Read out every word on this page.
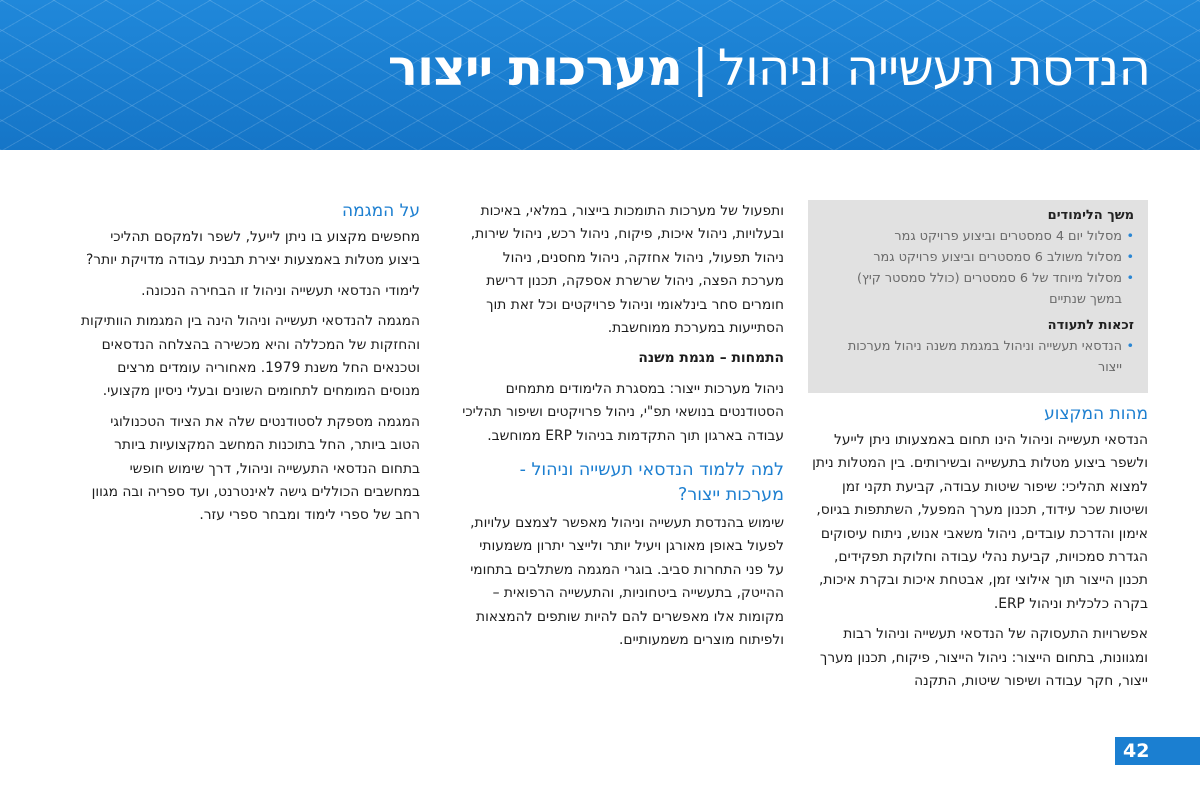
הנדסת תעשייה וניהול|מערכות ייצור
משך הלימודים
• מסלול יום 4 סמסטרים וביצוע פרויקט גמר
• מסלול משולב 6 סמסטרים וביצוע פרויקט גמר
• מסלול מיוחד של 6 סמסטרים (כולל סמסטר קיץ) במשך שנתיים
זכאות לתעודה
• הנדסאי תעשייה וניהול במגמת משנה ניהול מערכות ייצור
מהות המקצוע

הנדסאי תעשייה וניהול הינו תחום באמצעותו ניתן לייעל ולשפר ביצוע מטלות בתעשייה ובשירותים. בין המטלות ניתן למצוא תהליכי: שיפור שיטות עבודה, קביעת תקני זמן ושיטות שכר עידוד, תכנון מערך המפעל, השתתפות בגיוס, אימון והדרכת עובדים, ניהול משאבי אנוש, ניתוח עיסוקים הגדרת סמכויות, קביעת נהלי עבודה וחלוקת תפקידים, תכנון הייצור תוך אילוצי זמן, אבטחת איכות ובקרת איכות, בקרה כלכלית וניהול ERP.

אפשרויות התעסוקה של הנדסאי תעשייה וניהול רבות ומגוונות, בתחום הייצור: ניהול הייצור, פיקוח, תכנון מערך ייצור, חקר עבודה ושיפור שיטות, התקנה

ותפעול של מערכות התומכות בייצור, במלאי, באיכות ובעלויות, ניהול איכות, פיקוח, ניהול רכש, ניהול שירות, ניהול תפעול, ניהול אחזקה, ניהול מחסנים, ניהול מערכת הפצה, ניהול שרשרת אספקה, תכנון דרישת חומרים סחר בינלאומי וניהול פרויקטים וכל זאת תוך הסתייעות במערכת ממוחשבת.

התמחות – מגמת משנה

ניהול מערכות ייצור: במסגרת הלימודים מתמחים הסטודנטים בנושאי תפ"י, ניהול פרויקטים ושיפור תהליכי עבודה בארגון תוך התקדמות בניהול ERP ממוחשב.

למה ללמוד הנדסאי תעשייה וניהול - מערכות ייצור?

שימוש בהנדסת תעשייה וניהול מאפשר לצמצם עלויות, לפעול באופן מאורגן ויעיל יותר ולייצר יתרון משמעותי על פני התחרות סביב. בוגרי המגמה משתלבים בתחומי ההייטק, בתעשייה ביטחוניות, והתעשייה הרפואית – מקומות אלו מאפשרים להם להיות שותפים להמצאות ולפיתוח מוצרים משמעותיים.

על המגמה

מחפשים מקצוע בו ניתן לייעל, לשפר ולמקסם תהליכי ביצוע מטלות באמצעות יצירת תבנית עבודה מדויקת יותר?

לימודי הנדסאי תעשייה וניהול זו הבחירה הנכונה.

המגמה להנדסאי תעשייה וניהול הינה בין המגמות הוותיקות והחזקות של המכללה והיא מכשירה בהצלחה הנדסאים וטכנאים החל משנת 1979. מאחוריה עומדים מרצים מנוסים המומחים לתחומים השונים ובעלי ניסיון מקצועי.

המגמה מספקת לסטודנטים שלה את הציוד הטכנולוגי הטוב ביותר, החל בתוכנות המחשב המקצועיות ביותר בתחום הנדסאי התעשייה וניהול, דרך שימוש חופשי במחשבים הכוללים גישה לאינטרנט, ועד ספריה ובה מגוון רחב של ספרי לימוד ומבחר ספרי עזר.

42
